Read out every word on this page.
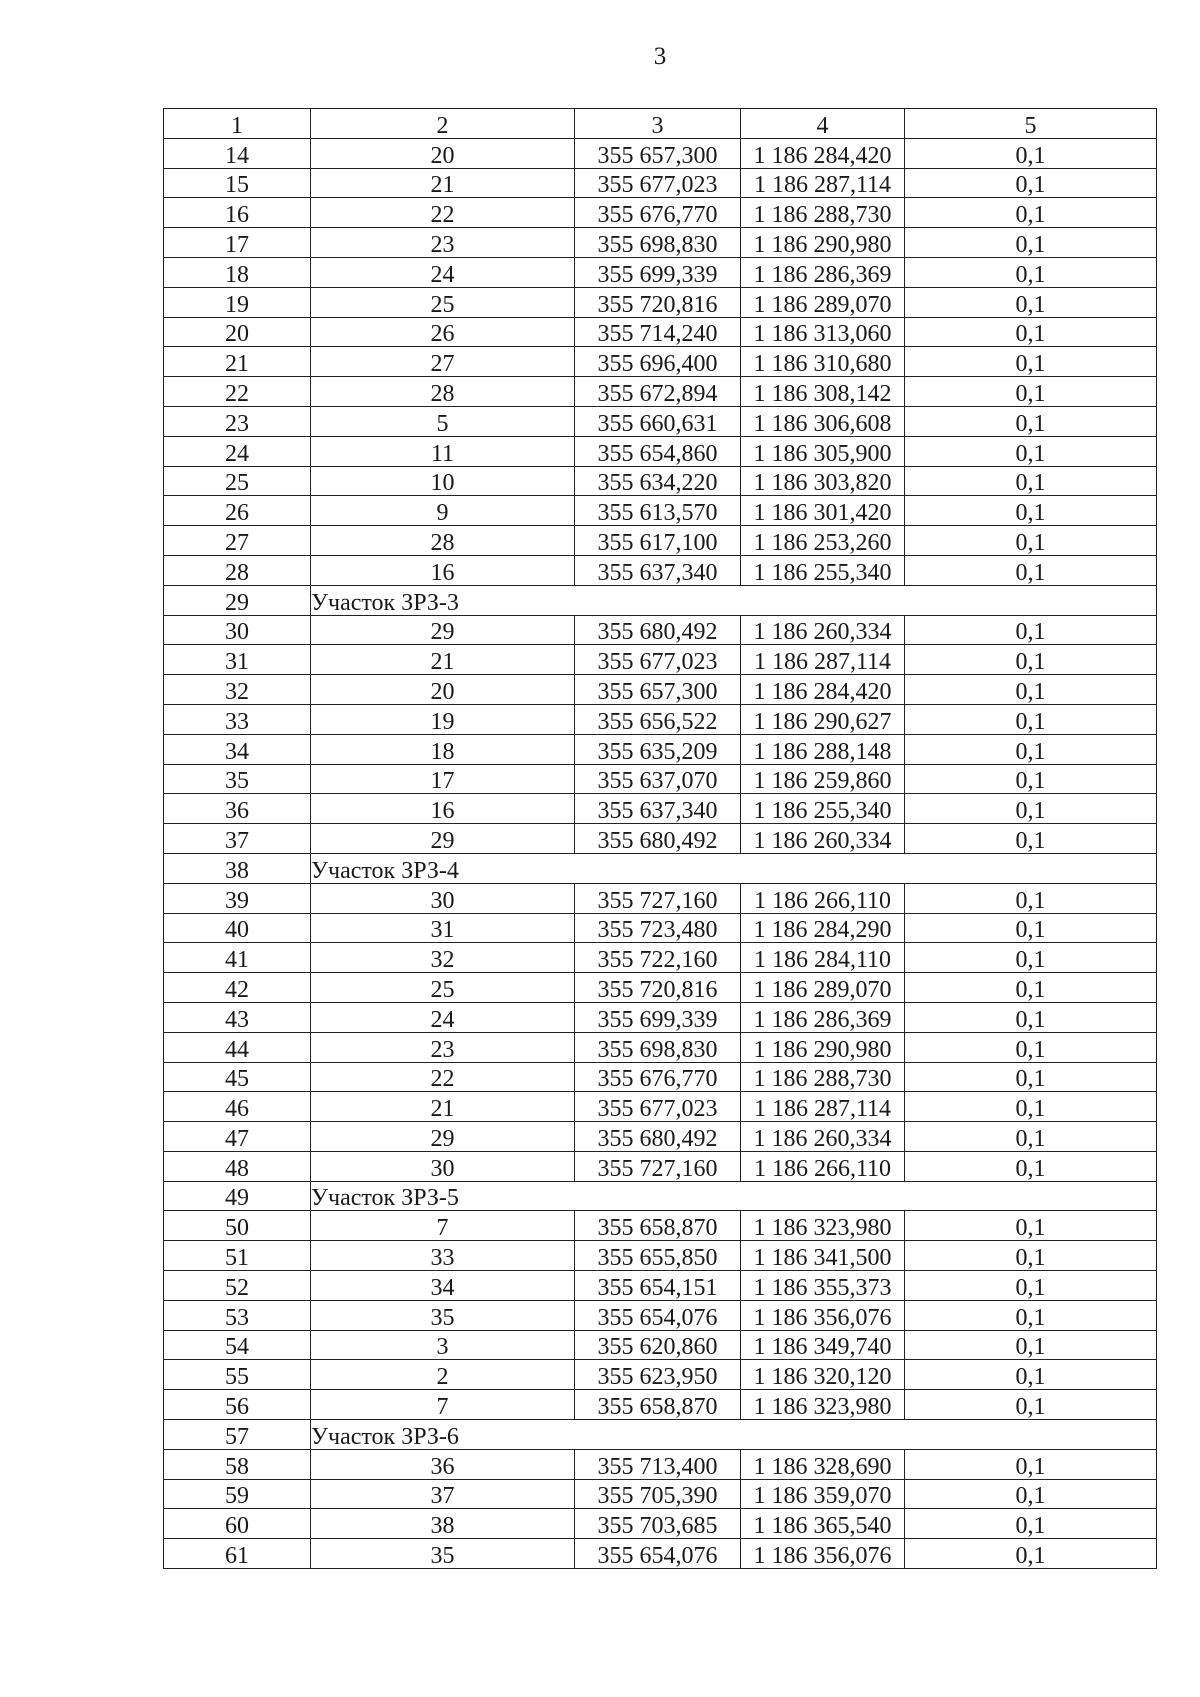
3
1	2	3	4	5
14	20	355 657,300	1 186 284,420	0,1
15	21	355 677,023	1 186 287,114	0,1
16	22	355 676,770	1 186 288,730	0,1
17	23	355 698,830	1 186 290,980	0,1
18	24	355 699,339	1 186 286,369	0,1
19	25	355 720,816	1 186 289,070	0,1
20	26	355 714,240	1 186 313,060	0,1
21	27	355 696,400	1 186 310,680	0,1
22	28	355 672,894	1 186 308,142	0,1
23	5	355 660,631	1 186 306,608	0,1
24	11	355 654,860	1 186 305,900	0,1
25	10	355 634,220	1 186 303,820	0,1
26	9	355 613,570	1 186 301,420	0,1
27	28	355 617,100	1 186 253,260	0,1
28	16	355 637,340	1 186 255,340	0,1
29	Участок ЗРЗ-3			
30	29	355 680,492	1 186 260,334	0,1
31	21	355 677,023	1 186 287,114	0,1
32	20	355 657,300	1 186 284,420	0,1
33	19	355 656,522	1 186 290,627	0,1
34	18	355 635,209	1 186 288,148	0,1
35	17	355 637,070	1 186 259,860	0,1
36	16	355 637,340	1 186 255,340	0,1
37	29	355 680,492	1 186 260,334	0,1
38	Участок ЗРЗ-4			
39	30	355 727,160	1 186 266,110	0,1
40	31	355 723,480	1 186 284,290	0,1
41	32	355 722,160	1 186 284,110	0,1
42	25	355 720,816	1 186 289,070	0,1
43	24	355 699,339	1 186 286,369	0,1
44	23	355 698,830	1 186 290,980	0,1
45	22	355 676,770	1 186 288,730	0,1
46	21	355 677,023	1 186 287,114	0,1
47	29	355 680,492	1 186 260,334	0,1
48	30	355 727,160	1 186 266,110	0,1
49	Участок ЗРЗ-5			
50	7	355 658,870	1 186 323,980	0,1
51	33	355 655,850	1 186 341,500	0,1
52	34	355 654,151	1 186 355,373	0,1
53	35	355 654,076	1 186 356,076	0,1
54	3	355 620,860	1 186 349,740	0,1
55	2	355 623,950	1 186 320,120	0,1
56	7	355 658,870	1 186 323,980	0,1
57	Участок ЗРЗ-6			
58	36	355 713,400	1 186 328,690	0,1
59	37	355 705,390	1 186 359,070	0,1
60	38	355 703,685	1 186 365,540	0,1
61	35	355 654,076	1 186 356,076	0,1
